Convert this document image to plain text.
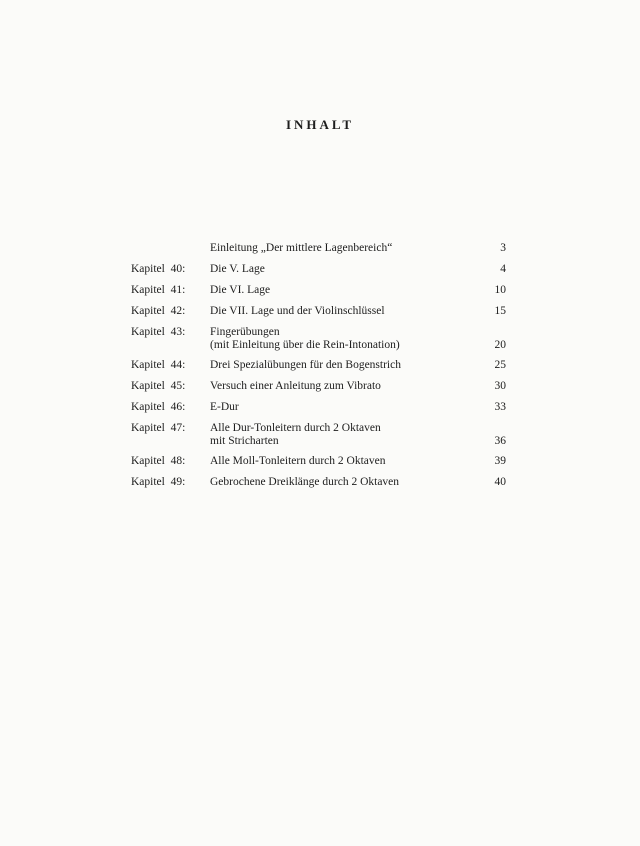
INHALT
Einleitung „Der mittlere Lagenbereich“	3
Kapitel  40:	Die V. Lage	4
Kapitel  41:	Die VI. Lage	10
Kapitel  42:	Die VII. Lage und der Violinschlüssel	15
Kapitel  43:	Fingerübungen
(mit Einleitung über die Rein-Intonation)	20
Kapitel  44:	Drei Spezialübungen für den Bogenstrich	25
Kapitel  45:	Versuch einer Anleitung zum Vibrato	30
Kapitel  46:	E-Dur	33
Kapitel  47:	Alle Dur-Tonleitern durch 2 Oktaven
mit Stricharten	36
Kapitel  48:	Alle Moll-Tonleitern durch 2 Oktaven	39
Kapitel  49:	Gebrochene Dreiklänge durch 2 Oktaven	40
